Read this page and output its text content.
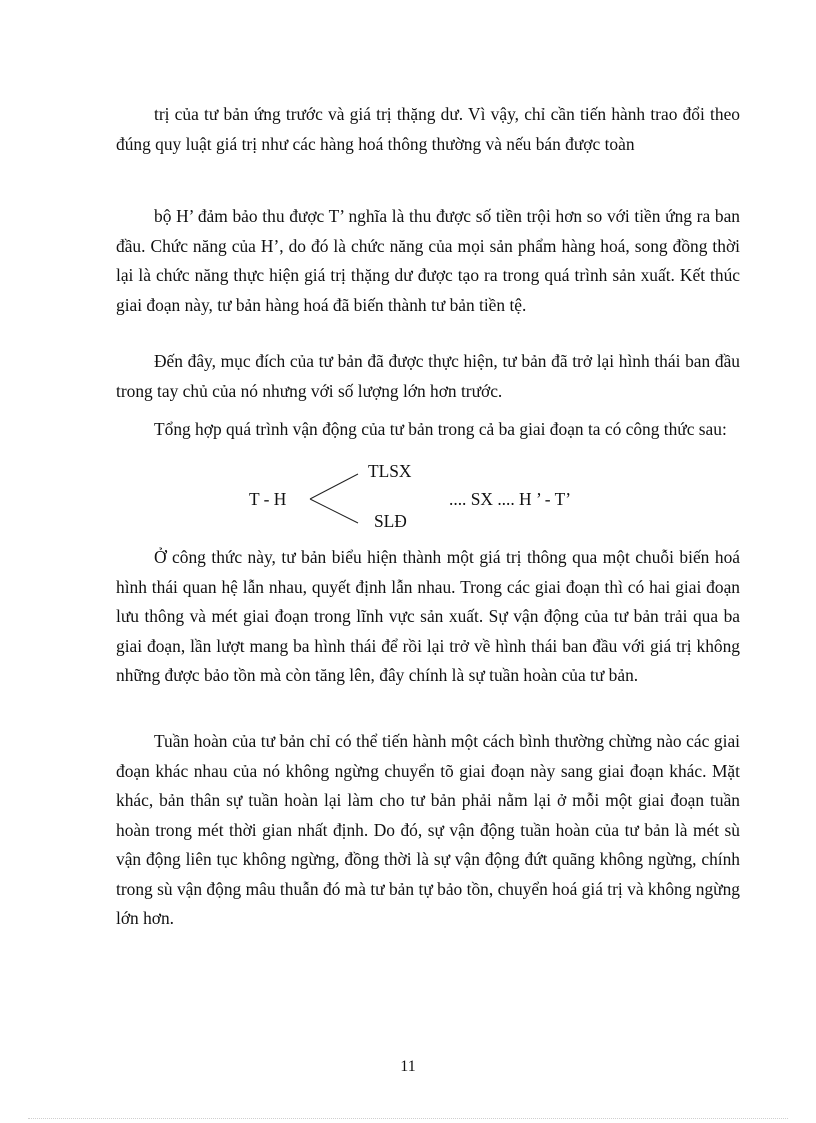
trị của tư bản ứng trước và giá trị thặng dư. Vì vậy, chỉ cần tiến hành trao đổi theo đúng quy luật giá trị như các hàng hoá thông thường và nếu bán được toàn

bộ H’ đảm bảo thu được T’ nghĩa là thu được số tiền trội hơn so với tiền ứng ra ban đầu. Chức năng của H’, do đó là chức năng của mọi sản phẩm hàng hoá, song đồng thời lại là chức năng thực hiện giá trị thặng dư được tạo ra trong quá trình sản xuất. Kết thúc giai đoạn này, tư bản hàng hoá đã biến thành tư bản tiền tệ.

Đến đây, mục đích của tư bản đã được thực hiện, tư bản đã trở lại hình thái ban đầu trong tay chủ của nó nhưng với số lượng lớn hơn trước.

Tổng hợp quá trình vận động của tư bản trong cả ba giai đoạn ta có công thức sau:

T - H
TLSX
SLĐ
.... SX .... H ’ - T’

Ở công thức này, tư bản biểu hiện thành một giá trị thông qua một chuỗi biến hoá hình thái quan hệ lẫn nhau, quyết định lẫn nhau. Trong các giai đoạn thì có hai giai đoạn lưu thông và mét giai đoạn trong lĩnh vực sản xuất. Sự vận động của tư bản trải qua ba giai đoạn, lần lượt mang ba hình thái để rồi lại trở về hình thái ban đầu với giá trị không những được bảo tồn mà còn tăng lên, đây chính là sự tuần hoàn của tư bản.

Tuần hoàn của tư bản chỉ có thể tiến hành một cách bình thường chừng nào các giai đoạn khác nhau của nó không ngừng chuyển tõ giai đoạn này sang giai đoạn khác. Mặt khác, bản thân sự tuần hoàn lại làm cho tư bản phải nằm lại ở mỗi một giai đoạn tuần hoàn trong mét thời gian nhất định. Do đó, sự vận động tuần hoàn của tư bản là mét sù vận động liên tục không ngừng, đồng thời là sự vận động đứt quãng không ngừng, chính trong sù vận động mâu thuẫn đó mà tư bản tự bảo tồn, chuyển hoá giá trị và không ngừng lớn hơn.

11
